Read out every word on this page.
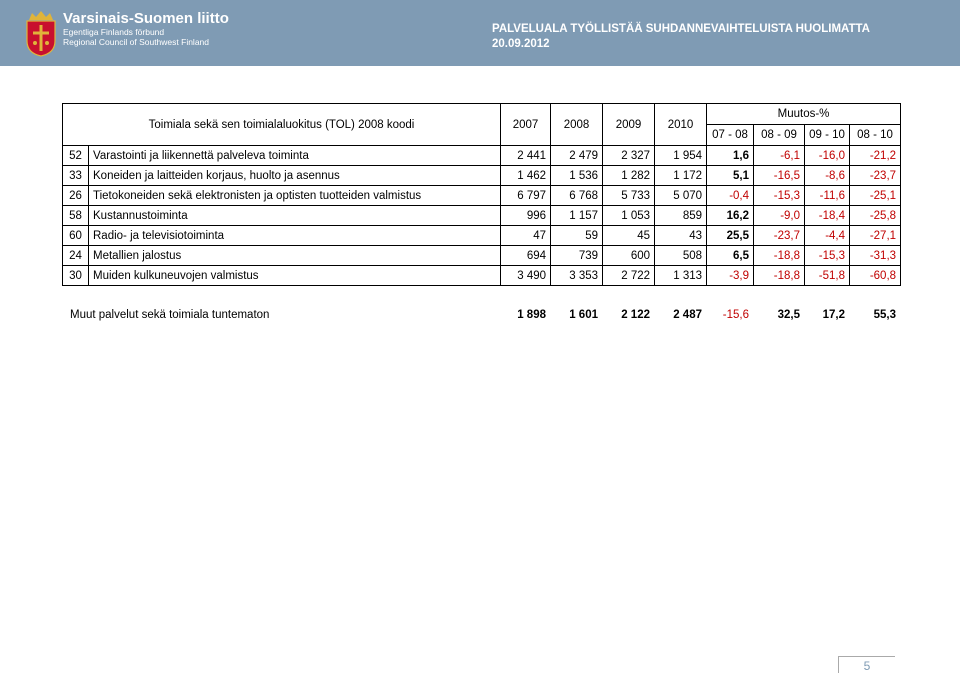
Varsinais-Suomen liitto
Egentliga Finlands förbund
Regional Council of Southwest Finland
PALVELUALA TYÖLLISTÄÄ SUHDANNEVAIHTELUISTA HUOLIMATTA
20.09.2012
Toimiala sekä sen toimialaluokitus (TOL) 2008 koodi		2007	2008	2009	2010	Muutos-%			
						07 - 08	08 - 09	09 - 10	08 - 10
52	Varastointi ja liikennettä palveleva toiminta	2 441	2 479	2 327	1 954	1,6	-6,1	-16,0	-21,2
33	Koneiden ja laitteiden korjaus, huolto ja asennus	1 462	1 536	1 282	1 172	5,1	-16,5	-8,6	-23,7
26	Tietokoneiden sekä elektronisten ja optisten tuotteiden valmistus	6 797	6 768	5 733	5 070	-0,4	-15,3	-11,6	-25,1
58	Kustannustoiminta	996	1 157	1 053	859	16,2	-9,0	-18,4	-25,8
60	Radio- ja televisiotoiminta	47	59	45	43	25,5	-23,7	-4,4	-27,1
24	Metallien jalostus	694	739	600	508	6,5	-18,8	-15,3	-31,3
30	Muiden kulkuneuvojen valmistus	3 490	3 353	2 722	1 313	-3,9	-18,8	-51,8	-60,8
Muut palvelut sekä toimiala tuntematon	1 898	1 601	2 122	2 487	-15,6	32,5	17,2	55,3
5
